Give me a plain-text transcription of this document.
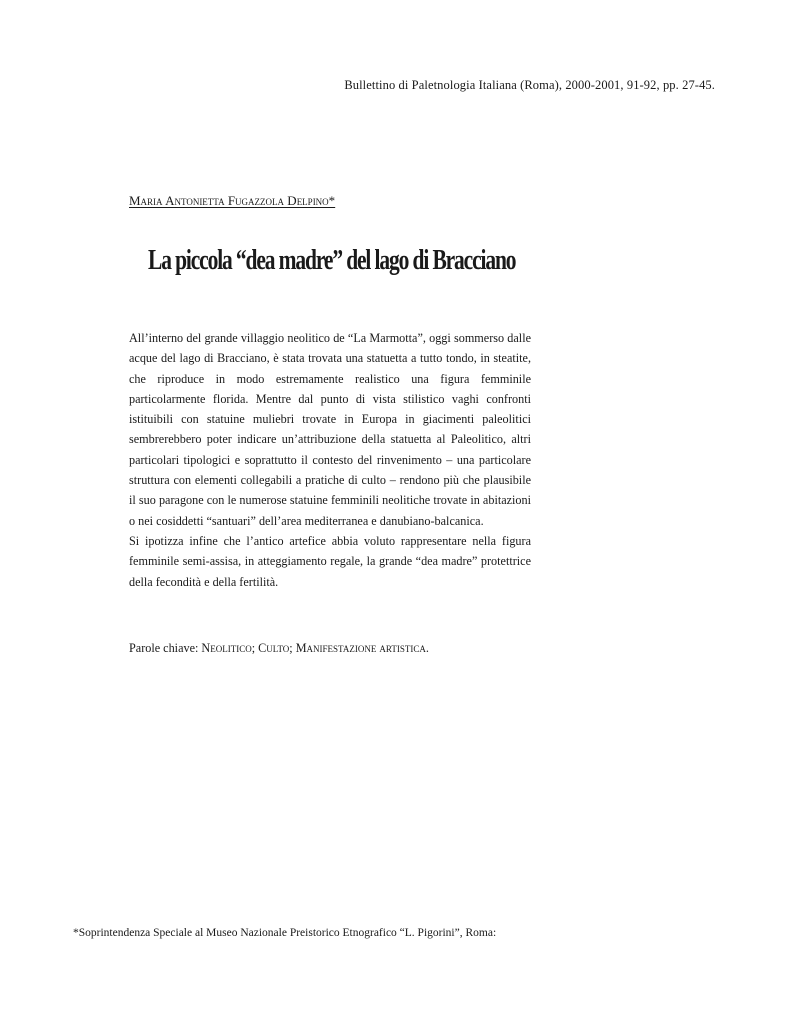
Bullettino di Paletnologia Italiana (Roma), 2000-2001, 91-92, pp. 27-45.
Maria Antonietta Fugazzola Delpino*
La piccola “dea madre” del lago di Bracciano

All’interno del grande villaggio neolitico de “La Marmotta”, oggi sommerso dalle acque del lago di Bracciano, è stata trovata una statuetta a tutto tondo, in steatite, che riproduce in modo estremamente realistico una figura femminile particolarmente florida. Mentre dal punto di vista stilistico vaghi confronti istituibili con statuine muliebri trovate in Europa in giacimenti paleolitici sembrerebbero poter indicare un’attribuzione della statuetta al Paleolitico, altri particolari tipologici e soprattutto il contesto del rinvenimento – una particolare struttura con elementi collegabili a pratiche di culto – rendono più che plausibile il suo paragone con le numerose statuine femminili neolitiche trovate in abitazioni o nei cosiddetti “santuari” dell’area mediterranea e danubiano-balcanica.

Si ipotizza infine che l’antico artefice abbia voluto rappresentare nella figura femminile semi-assisa, in atteggiamento regale, la grande “dea madre” protettrice della fecondità e della fertilità.

Parole chiave: Neolitico; Culto; Manifestazione artistica.
*Soprintendenza Speciale al Museo Nazionale Preistorico Etnografico “L. Pigorini”, Roma:
